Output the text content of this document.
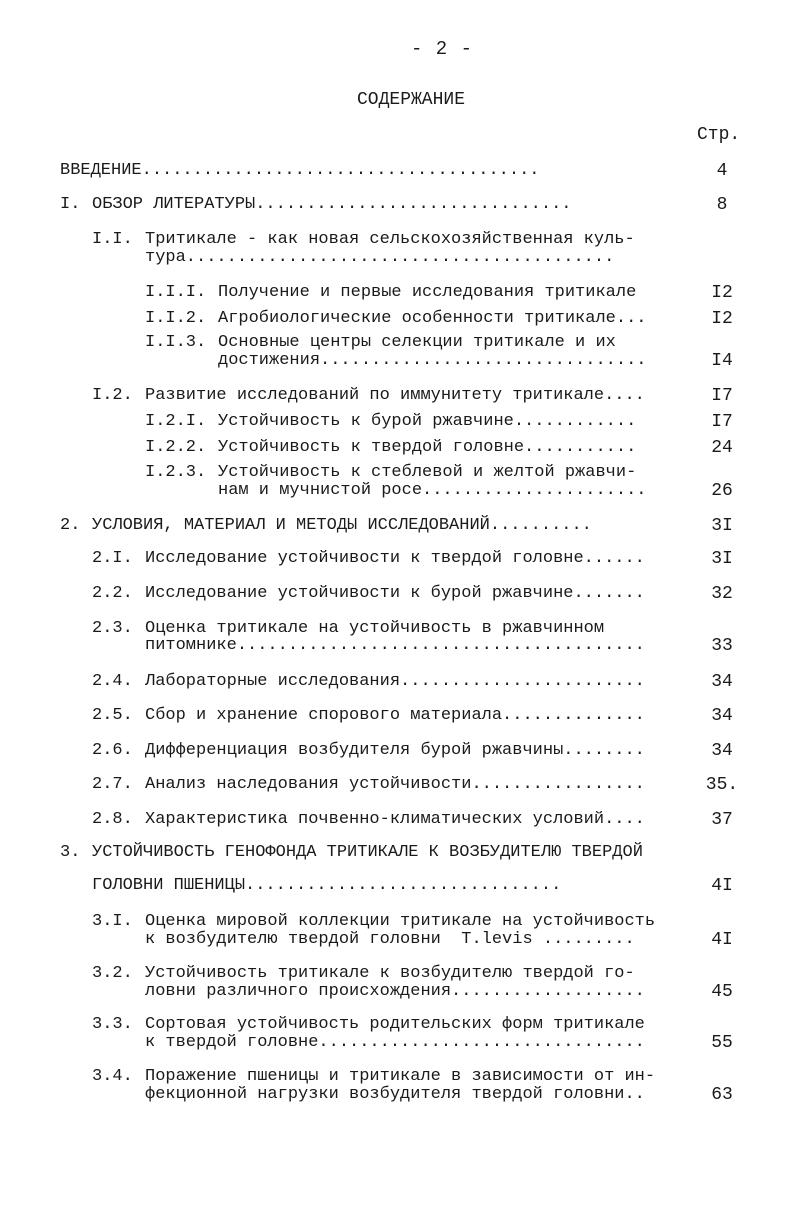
- 2 -
СОДЕРЖАНИЕ
Стр.
ВВЕДЕНИЕ.......................................	4
I. ОБЗОР ЛИТЕРАТУРЫ...............................	8
I.I. Тритикале - как новая сельскохозяйственная куль-
тура..........................................
I.I.I. Получение и первые исследования тритикале	I2
I.I.2. Агробиологические особенности тритикале...	I2
I.I.3. Основные центры селекции тритикале и их
достижения................................	I4
I.2. Развитие исследований по иммунитету тритикале....	I7
I.2.I. Устойчивость к бурой ржавчине............	I7
I.2.2. Устойчивость к твердой головне...........	24
I.2.3. Устойчивость к стеблевой и желтой ржавчи-
нам и мучнистой росе......................	26
2. УСЛОВИЯ, МАТЕРИАЛ И МЕТОДЫ ИССЛЕДОВАНИЙ..........	3I
2.I. Исследование устойчивости к твердой головне......	3I
2.2. Исследование устойчивости к бурой ржавчине.......	32
2.3. Оценка тритикале на устойчивость в ржавчинном
питомнике........................................	33
2.4. Лабораторные исследования........................	34
2.5. Сбор и хранение спорового материала..............	34
2.6. Дифференциация возбудителя бурой ржавчины........	34
2.7. Анализ наследования устойчивости.................	35.
2.8. Характеристика почвенно-климатических условий....	37
3. УСТОЙЧИВОСТЬ ГЕНОФОНДА ТРИТИКАЛЕ К ВОЗБУДИТЕЛЮ ТВЕРДОЙ
ГОЛОВНИ ПШЕНИЦЫ...............................	4I
3.I. Оценка мировой коллекции тритикале на устойчивость
к возбудителю твердой головни  T.levis .........	4I
3.2. Устойчивость тритикале к возбудителю твердой го-
ловни различного происхождения...................	45
3.3. Сортовая устойчивость родительских форм тритикале
к твердой головне................................	55
3.4. Поражение пшеницы и тритикале в зависимости от ин-
фекционной нагрузки возбудителя твердой головни..	63
